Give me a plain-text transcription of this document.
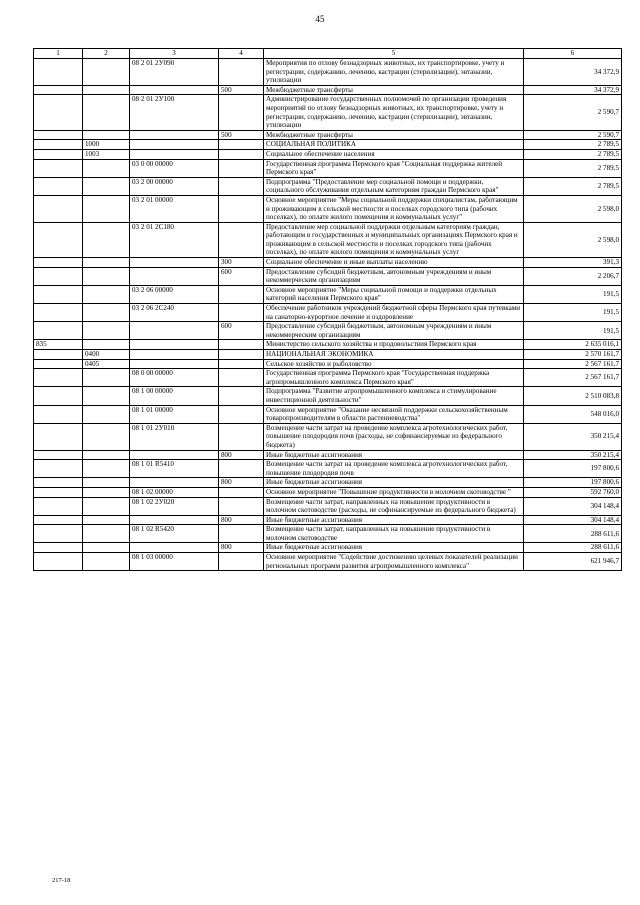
45
1	2	3	4	5	6
		08 2 01 2У090		Мероприятия по отлову безнадзорных животных, их транспортировке, учету и регистрации, содержанию, лечению, кастрации (стерилизации), эвтаназии, утилизации	34 372,9
			500	Межбюджетные трансферты	34 372,9
		08 2 01 2У100		Администрирование государственных полномочий по организации проведения мероприятий по отлову безнадзорных животных, их транспортировке, учету и регистрации, содержанию, лечению, кастрации (стерилизации), эвтаназии, утилизации	2 590,7
			500	Межбюджетные трансферты	2 590,7
	1000			СОЦИАЛЬНАЯ ПОЛИТИКА	2 789,5
	1003			Социальное обеспечение населения	2 789,5
		03 0 00 00000		Государственная программа Пермского края "Социальная поддержка жителей Пермского края"	2 789,5
		03 2 00 00000		Подпрограмма "Предоставление мер социальной помощи и поддержки, социального обслуживания отдельным категориям граждан Пермского края"	2 789,5
		03 2 01 00000		Основное мероприятие "Меры социальной поддержки специалистам, работающим и проживающим в сельской местности и поселках городского типа (рабочих поселках), по оплате жилого помещения и коммунальных услуг"	2 598,0
		03 2 01 2С180		Предоставление мер социальной поддержки отдельным категориям граждан, работающим в государственных и муниципальных организациях Пермского края и проживающим в сельской местности и поселках городского типа (рабочих поселках), по оплате жилого помещения и коммунальных услуг	2 598,0
			300	Социальное обеспечение и иные выплаты населению	391,3
			600	Предоставление субсидий бюджетным, автономным учреждениям и иным некоммерческим организациям	2 206,7
		03 2 06 00000		Основное мероприятие "Меры социальной помощи и поддержки отдельных категорий населения Пермского края"	191,5
		03 2 06 2С240		Обеспечение работников учреждений бюджетной сферы Пермского края путевками на санаторно-курортное лечение и оздоровление	191,5
			600	Предоставление субсидий бюджетным, автономным учреждениям и иным некоммерческим организациям	191,5
835				Министерство сельского хозяйства и продовольствия Пермского края	2 635 016,1
	0400			НАЦИОНАЛЬНАЯ ЭКОНОМИКА	2 570 161,7
	0405			Сельское хозяйство и рыболовство	2 567 161,7
		08 0 00 00000		Государственная программа Пермского края "Государственная поддержка агропромышленного комплекса Пермского края"	2 567 161,7
		08 1 00 00000		Подпрограмма "Развитие агропромышленного комплекса и стимулирование инвестиционной деятельности"	2 510 083,8
		08 1 01 00000		Основное мероприятие "Оказание несвязной поддержки сельскохозяйственным товаропроизводителям в области растениеводства"	548 016,0
		08 1 01 2У010		Возмещение части затрат на проведение комплекса агротехнологических работ, повышение плодородия почв (расходы, не софинансируемые из федерального бюджета)	350 215,4
			800	Иные бюджетные ассигнования	350 215,4
		08 1 01 R5410		Возмещение части затрат на проведение комплекса агротехнологических работ, повышение плодородия почв	197 800,6
			800	Иные бюджетные ассигнования	197 800,6
		08 1 02 00000		Основное мероприятие "Повышение продуктивности в молочном скотоводстве "	592 760,0
		08 1 02 2У020		Возмещение части затрат, направленных на повышение продуктивности в молочном скотоводстве (расходы, не софинансируемые из федерального бюджета)	304 148,4
			800	Иные бюджетные ассигнования	304 148,4
		08 1 02 R5420		Возмещение части затрат, направленных на повышение продуктивности в молочном скотоводстве	288 611,6
			800	Иные бюджетные ассигнования	288 611,6
		08 1 03 00000		Основное мероприятие "Содействие достижению целевых показателей реализации региональных программ развития агропромышленного комплекса"	621 946,7
217-18
